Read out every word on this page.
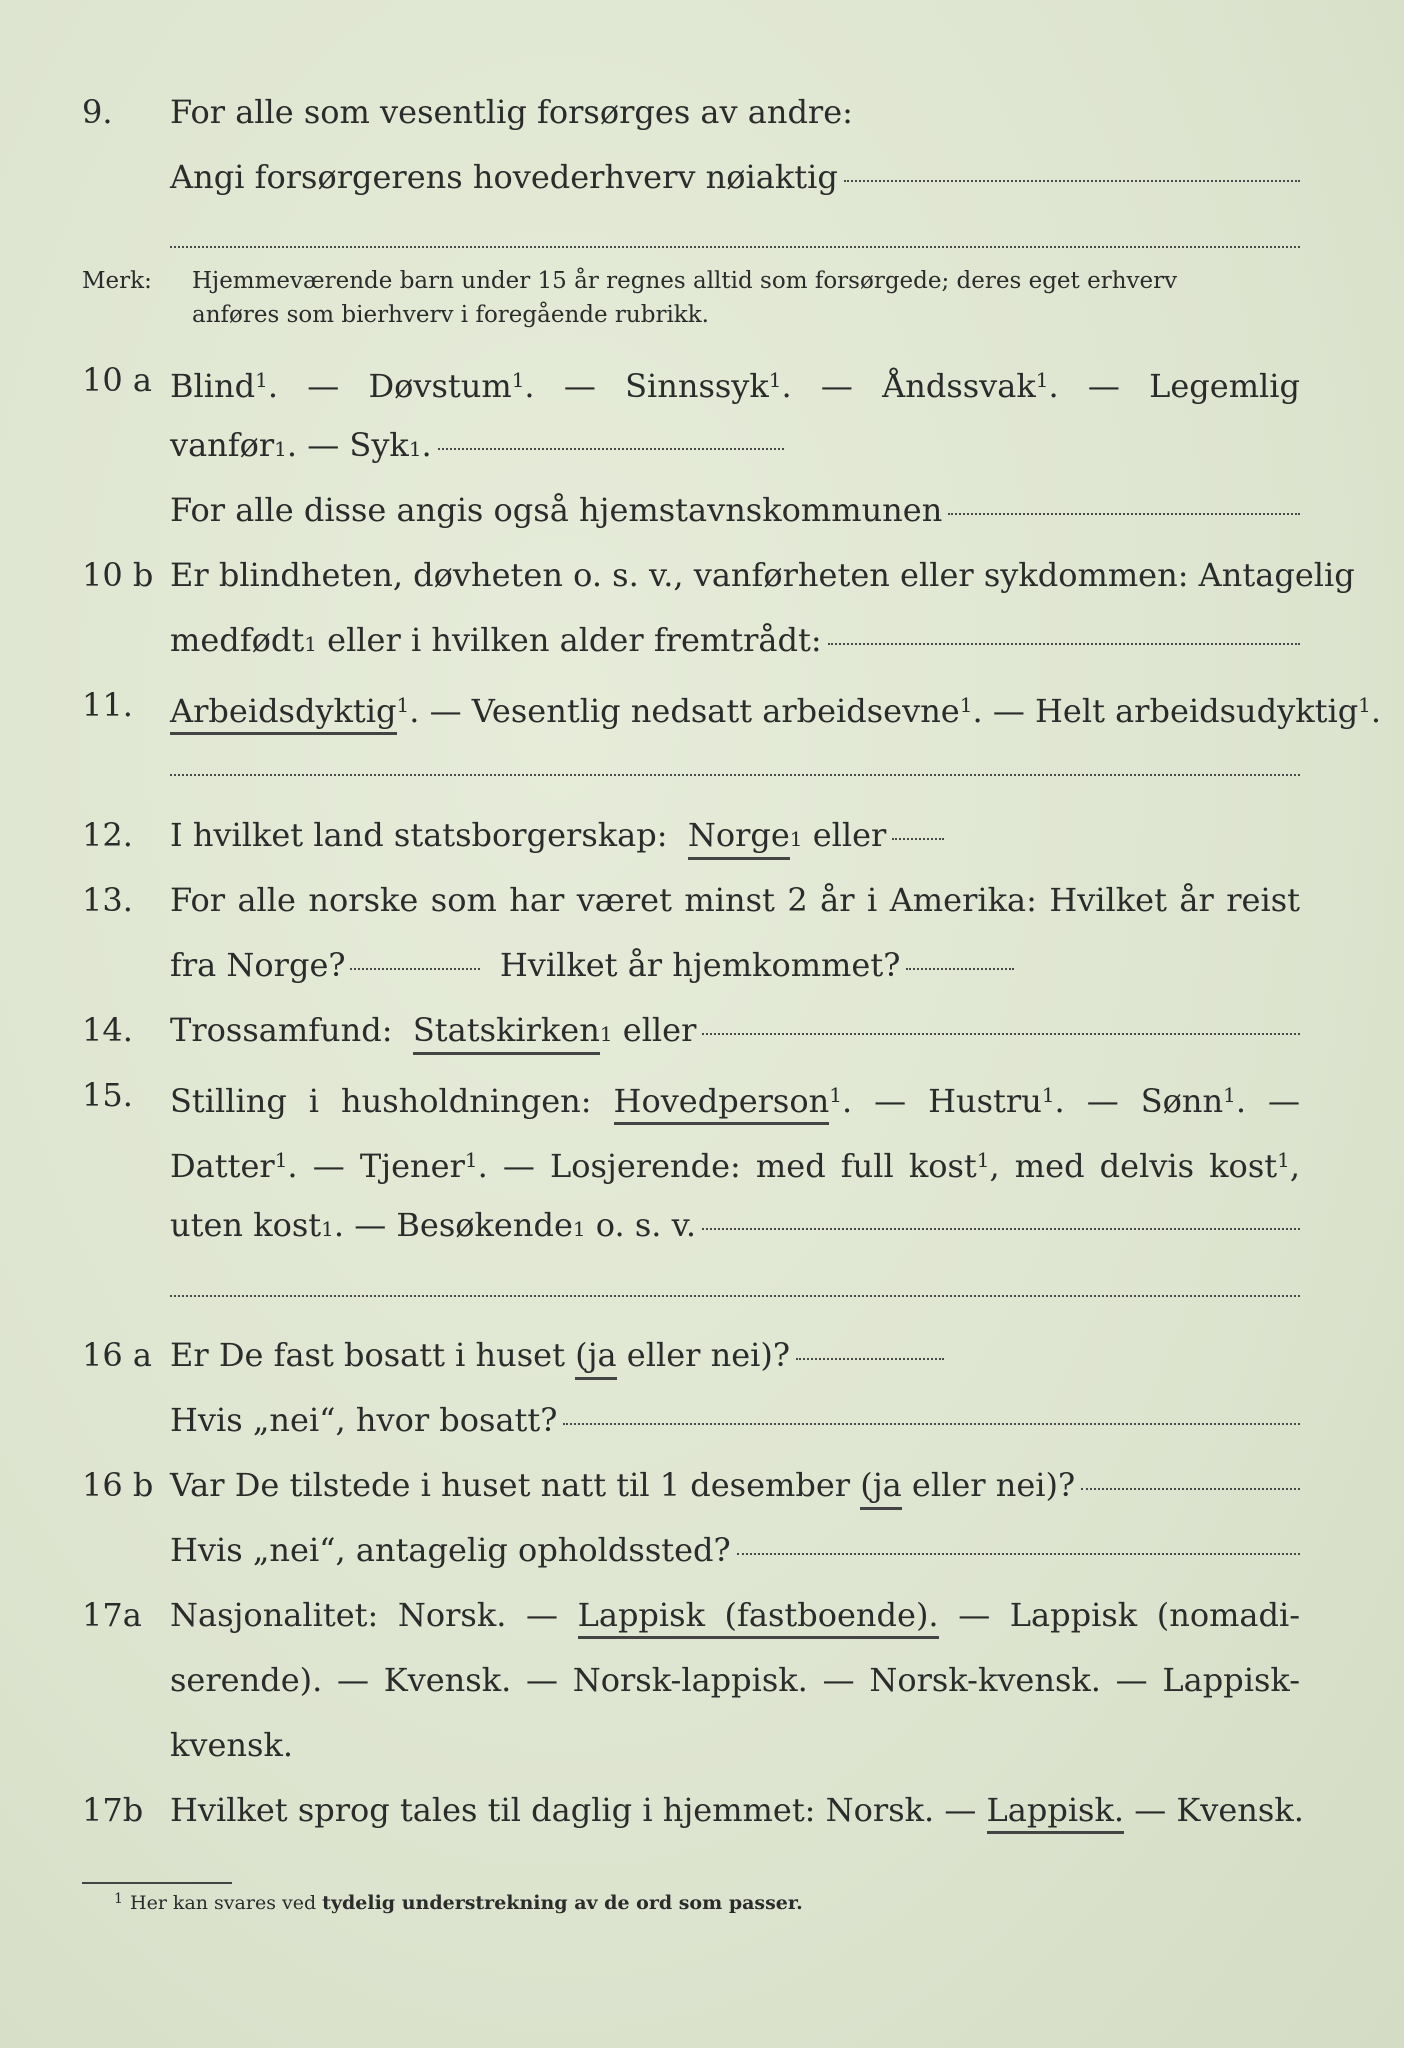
9.	For alle som vesentlig forsørges av andre:
Angi forsørgerens hovederhverv nøiaktig
Merk: Hjemmeværende barn under 15 år regnes alltid som forsørgede; deres eget erhverv
anføres som bierhverv i foregående rubrikk.
10 a Blind$^1$. — Døvstum$^1$. — Sinnssyk$^1$. — Åndssvak$^1$. — Legemlig
vanfør 1 . — Syk 1 .
For alle disse angis også hjemstavnskommunen
10 b Er blindheten, døvheten o. s. v., vanførheten eller sykdommen: Antagelig
medfødt 1
eller i hvilken alder fremtrådt:
11.	Arbeidsdyktig$^1$. — Vesentlig nedsatt arbeidsevne$^1$. — Helt arbeidsudyktig$^1$.
12.	I hvilket land statsborgerskap:
Norge 1
eller
13.	For alle norske som har været minst 2 år i Amerika: Hvilket år reist
fra Norge?
	Hvilket år hjemkommet?
14.	Trossamfund:
Statskirken 1
eller
15.	Stilling i husholdningen: Hovedperson$^1$. — Hustru$^1$. — Sønn$^1$. —
Datter$^1$. — Tjener$^1$. — Losjerende: med full kost$^1$, med delvis kost$^1$,
uten kost 1 . — Besøkende 1
o. s. v.
16 a Er De fast bosatt i huset
(ja
eller nei)?
Hvis „nei“, hvor bosatt?
16 b Var De tilstede i huset natt til 1 desember
(ja
eller nei)?
Hvis „nei“, antagelig opholdssted?
17a Nasjonalitet: Norsk. — Lappisk (fastboende). — Lappisk (nomadi-
serende). — Kvensk. — Norsk-lappisk. — Norsk-kvensk. — Lappisk-
kvensk.
17b Hvilket sprog tales til daglig i hjemmet: Norsk. — Lappisk. — Kvensk.
1 Her kan svares ved tydelig understrekning av de ord som passer.
